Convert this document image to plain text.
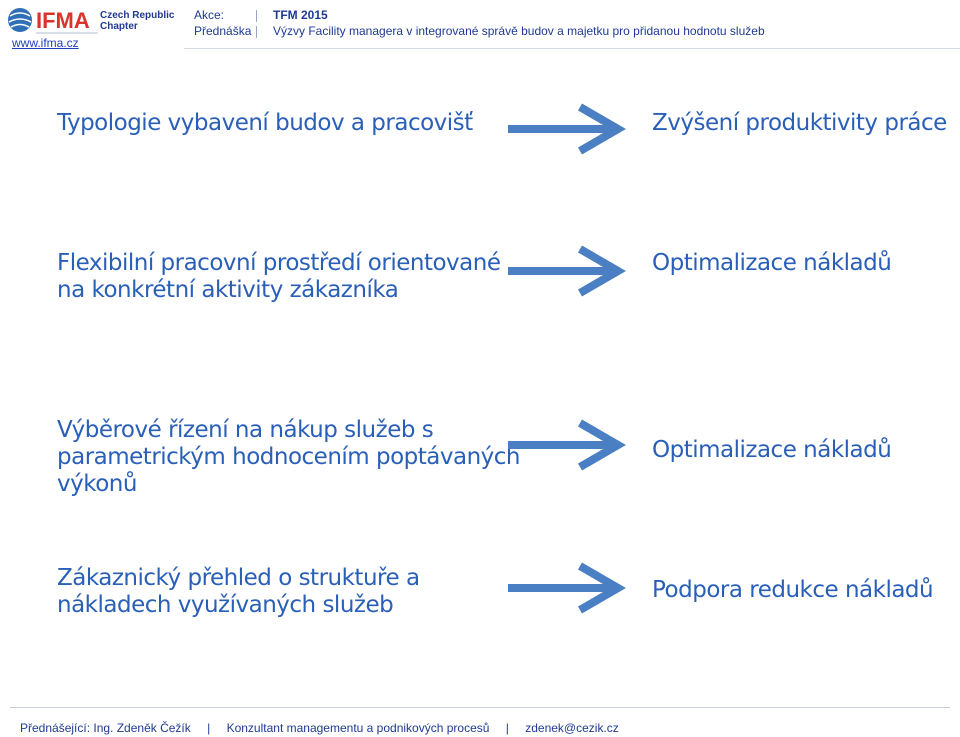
IFMA Czech Republic
Chapter
www.ifma.cz
Akce:
Přednáška
TFM 2015
Výzvy Facility managera v integrované správě budov a majetku pro přidanou hodnotu služeb
Typologie vybavení budov a pracovišť	Zvýšení produktivity práce
Flexibilní pracovní prostředí orientované
na konkrétní aktivity zákazníka
Optimalizace nákladů
Výběrové řízení na nákup služeb s
parametrickým hodnocením poptávaných
výkonů
Optimalizace nákladů
Zákaznický přehled o struktuře a
nákladech využívaných služeb
Podpora redukce nákladů
Přednášející: Ing. Zdeněk Čežík | Konzultant managementu a podnikových procesů | zdenek@cezik.cz
